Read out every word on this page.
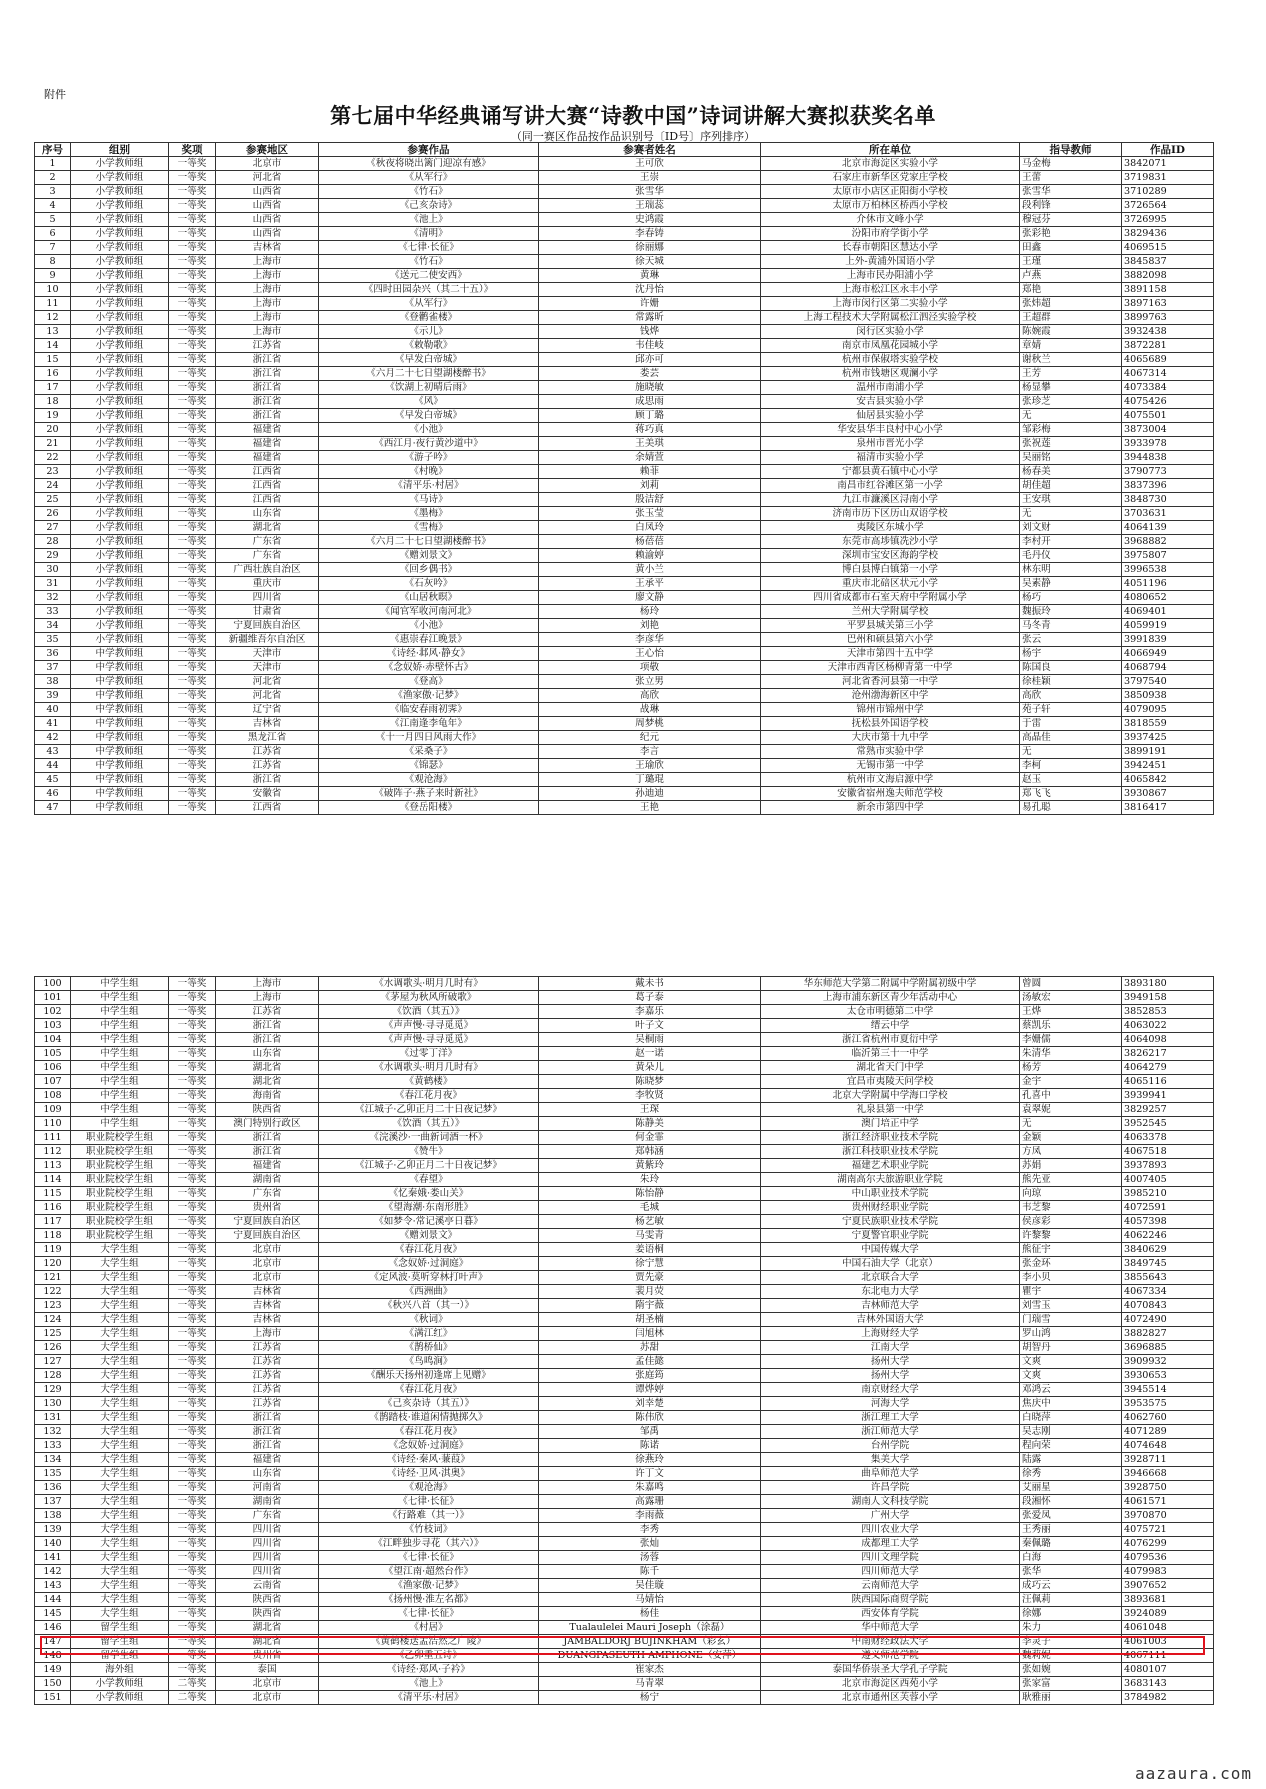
附件
第七届中华经典诵写讲大赛“诗教中国”诗词讲解大赛拟获奖名单
（同一赛区作品按作品识别号〔ID号〕序列排序）
序号	组别	奖项	参赛地区	参赛作品	参赛者姓名	所在单位	指导教师	作品ID
1	小学教师组	一等奖	北京市	《秋夜将晓出篱门迎凉有感》	王可欣	北京市海淀区实验小学	马金梅	3842071
2	小学教师组	一等奖	河北省	《从军行》	王崇	石家庄市新华区党家庄学校	王蕾	3719831
3	小学教师组	一等奖	山西省	《竹石》	张雪华	太原市小店区正阳街小学校	张雪华	3710289
4	小学教师组	一等奖	山西省	《己亥杂诗》	王瑞蕊	太原市万柏林区桥西小学校	段利锋	3726564
5	小学教师组	一等奖	山西省	《池上》	史鸿霞	介休市文峰小学	穆冠芬	3726995
6	小学教师组	一等奖	山西省	《清明》	李春铸	汾阳市府学街小学	张彩艳	3829436
7	小学教师组	一等奖	吉林省	《七律·长征》	徐丽娜	长春市朝阳区慧达小学	田鑫	4069515
8	小学教师组	一等奖	上海市	《竹石》	徐天城	上外-黄浦外国语小学	王瑾	3845837
9	小学教师组	一等奖	上海市	《送元二使安西》	黄琳	上海市民办阳浦小学	卢燕	3882098
10	小学教师组	一等奖	上海市	《四时田园杂兴（其二十五）》	沈丹怡	上海市松江区永丰小学	郑艳	3891158
11	小学教师组	一等奖	上海市	《从军行》	许姗	上海市闵行区第二实验小学	张炜超	3897163
12	小学教师组	一等奖	上海市	《登鹳雀楼》	常露昕	上海工程技术大学附属松江泗泾实验学校	王超群	3899763
13	小学教师组	一等奖	上海市	《示儿》	钱烨	闵行区实验小学	陈婉霞	3932438
14	小学教师组	一等奖	江苏省	《敕勒歌》	韦佳岐	南京市凤凰花园城小学	章婧	3872281
15	小学教师组	一等奖	浙江省	《早发白帝城》	邱亦可	杭州市保俶塔实验学校	谢秋兰	4065689
16	小学教师组	一等奖	浙江省	《六月二十七日望湖楼醉书》	娄芸	杭州市钱塘区观澜小学	王芳	4067314
17	小学教师组	一等奖	浙江省	《饮湖上初晴后雨》	施晓敏	温州市南浦小学	杨显攀	4073384
18	小学教师组	一等奖	浙江省	《风》	成思雨	安吉县实验小学	张珍芝	4075426
19	小学教师组	一等奖	浙江省	《早发白帝城》	顾丁璐	仙居县实验小学	无	4075501
20	小学教师组	一等奖	福建省	《小池》	蒋巧真	华安县华丰良村中心小学	邹彩梅	3873004
21	小学教师组	一等奖	福建省	《西江月·夜行黄沙道中》	王美琪	泉州市晋光小学	张祝莲	3933978
22	小学教师组	一等奖	福建省	《游子吟》	余婧萱	福清市实验小学	吴丽铭	3944838
23	小学教师组	一等奖	江西省	《村晚》	赖菲	宁都县黄石镇中心小学	杨春美	3790773
24	小学教师组	一等奖	江西省	《清平乐·村居》	刘莉	南昌市红谷滩区第一小学	胡佳超	3837396
25	小学教师组	一等奖	江西省	《马诗》	殷洁舒	九江市濂溪区浔南小学	王安琪	3848730
26	小学教师组	一等奖	山东省	《墨梅》	张玉莹	济南市历下区历山双语学校	无	3703631
27	小学教师组	一等奖	湖北省	《雪梅》	白凤玲	夷陵区东城小学	刘文财	4064139
28	小学教师组	一等奖	广东省	《六月二十七日望湖楼醉书》	杨蓓蓓	东莞市高埗镇冼沙小学	李村开	3968882
29	小学教师组	一等奖	广东省	《赠刘景文》	赖渝婷	深圳市宝安区海韵学校	毛丹仪	3975807
30	小学教师组	一等奖	广西壮族自治区	《回乡偶书》	黄小兰	博白县博白镇第一小学	林东明	3996538
31	小学教师组	一等奖	重庆市	《石灰吟》	王承平	重庆市北碚区状元小学	吴素静	4051196
32	小学教师组	一等奖	四川省	《山居秋暝》	廖文静	四川省成都市石室天府中学附属小学	杨巧	4080652
33	小学教师组	一等奖	甘肃省	《闻官军收河南河北》	杨玲	兰州大学附属学校	魏振玲	4069401
34	小学教师组	一等奖	宁夏回族自治区	《小池》	刘艳	平罗县城关第三小学	马冬青	4059919
35	小学教师组	一等奖	新疆维吾尔自治区	《惠崇春江晚景》	李彦华	巴州和硕县第六小学	张云	3991839
36	中学教师组	一等奖	天津市	《诗经·邶风·静女》	王心怡	天津市第四十五中学	杨宇	4066949
37	中学教师组	一等奖	天津市	《念奴娇·赤壁怀古》	项敬	天津市西青区杨柳青第一中学	陈国良	4068794
38	中学教师组	一等奖	河北省	《登高》	张立男	河北省香河县第一中学	徐桂颖	3797540
39	中学教师组	一等奖	河北省	《渔家傲·记梦》	高欣	沧州渤海新区中学	高欣	3850938
40	中学教师组	一等奖	辽宁省	《临安春雨初霁》	战琳	锦州市锦州中学	苑子轩	4079095
41	中学教师组	一等奖	吉林省	《江南逢李龟年》	周梦桃	抚松县外国语学校	于雷	3818559
42	中学教师组	一等奖	黑龙江省	《十一月四日风雨大作》	纪元	大庆市第十九中学	高晶佳	3937425
43	中学教师组	一等奖	江苏省	《采桑子》	李言	常熟市实验中学	无	3899191
44	中学教师组	一等奖	江苏省	《锦瑟》	王瑜欣	无锡市第一中学	李柯	3942451
45	中学教师组	一等奖	浙江省	《观沧海》	丁璐琨	杭州市文海启源中学	赵玉	4065842
46	中学教师组	一等奖	安徽省	《破阵子·燕子来时新社》	孙迪迪	安徽省宿州逸夫师范学校	郑飞飞	3930867
47	中学教师组	一等奖	江西省	《登岳阳楼》	王艳	新余市第四中学	易孔聪	3816417
100	中学生组	一等奖	上海市	《水调歌头·明月几时有》	戴未书	华东师范大学第二附属中学附属初级中学	曾圆	3893180
101	中学生组	一等奖	上海市	《茅屋为秋风所破歌》	葛子泰	上海市浦东新区青少年活动中心	汤敏宏	3949158
102	中学生组	一等奖	江苏省	《饮酒（其五）》	李嘉乐	太仓市明德第二中学	王烨	3852853
103	中学生组	一等奖	浙江省	《声声慢·寻寻觅觅》	叶子文	缙云中学	蔡凯乐	4063022
104	中学生组	一等奖	浙江省	《声声慢·寻寻觅觅》	吴桐雨	浙江省杭州市夏衍中学	李姗儒	4064098
105	中学生组	一等奖	山东省	《过零丁洋》	赵一诺	临沂第三十一中学	朱清华	3826217
106	中学生组	一等奖	湖北省	《水调歌头·明月几时有》	黄朵儿	湖北省天门中学	杨芳	4064279
107	中学生组	一等奖	湖北省	《黄鹤楼》	陈晓梦	宜昌市夷陵天问学校	金宇	4065116
108	中学生组	一等奖	海南省	《春江花月夜》	李牧贤	北京大学附属中学海口学校	孔喜中	3939941
109	中学生组	一等奖	陕西省	《江城子·乙卯正月二十日夜记梦》	王琛	礼泉县第一中学	袁翠妮	3829257
110	中学生组	一等奖	澳门特别行政区	《饮酒（其五）》	陈静美	澳门培正中学	无	3952545
111	职业院校学生组	一等奖	浙江省	《浣溪沙·一曲新词酒一杯》	何金霏	浙江经济职业技术学院	金颖	4063378
112	职业院校学生组	一等奖	浙江省	《赞牛》	郑韩涵	浙江科技职业技术学院	方凤	4067518
113	职业院校学生组	一等奖	福建省	《江城子·乙卯正月二十日夜记梦》	黄紫玲	福建艺术职业学院	苏娟	3937893
114	职业院校学生组	一等奖	湖南省	《春望》	朱玲	湖南高尔夫旅游职业学院	熊先亚	4007405
115	职业院校学生组	一等奖	广东省	《忆秦娥·娄山关》	陈怡静	中山职业技术学院	向琼	3985210
116	职业院校学生组	一等奖	贵州省	《望海潮·东南形胜》	毛城	贵州财经职业学院	韦芝黎	4072591
117	职业院校学生组	一等奖	宁夏回族自治区	《如梦令·常记溪亭日暮》	杨艺敏	宁夏民族职业技术学院	侯彦彩	4057398
118	职业院校学生组	一等奖	宁夏回族自治区	《赠刘景文》	马雯青	宁夏警官职业学院	许黎黎	4062246
119	大学生组	一等奖	北京市	《春江花月夜》	姜语桐	中国传媒大学	熊征宇	3840629
120	大学生组	一等奖	北京市	《念奴娇·过洞庭》	徐宁慧	中国石油大学（北京）	张金环	3849745
121	大学生组	一等奖	北京市	《定风波·莫听穿林打叶声》	贾先豪	北京联合大学	李小贝	3855643
122	大学生组	一等奖	吉林省	《西洲曲》	裴月荧	东北电力大学	瞿宇	4067334
123	大学生组	一等奖	吉林省	《秋兴八首（其一）》	隋宇薇	吉林师范大学	刘雪玉	4070843
124	大学生组	一等奖	吉林省	《秋词》	胡圣楠	吉林外国语大学	门瑞雪	4072490
125	大学生组	一等奖	上海市	《满江红》	闫旭林	上海财经大学	罗山鸿	3882827
126	大学生组	一等奖	江苏省	《鹊桥仙》	苏甜	江南大学	胡智丹	3696885
127	大学生组	一等奖	江苏省	《鸟鸣涧》	孟佳懿	扬州大学	文爽	3909932
128	大学生组	一等奖	江苏省	《酬乐天扬州初逢席上见赠》	张庭筠	扬州大学	文爽	3930653
129	大学生组	一等奖	江苏省	《春江花月夜》	谭烨婷	南京财经大学	邓鸿云	3945514
130	大学生组	一等奖	江苏省	《己亥杂诗（其五）》	刘幸楚	河海大学	焦庆中	3953575
131	大学生组	一等奖	浙江省	《鹊踏枝·谁道闲情抛掷久》	陈伟欣	浙江理工大学	白晓萍	4062760
132	大学生组	一等奖	浙江省	《春江花月夜》	邹禹	浙江师范大学	吴志刚	4071289
133	大学生组	一等奖	浙江省	《念奴娇·过洞庭》	陈诺	台州学院	程向荣	4074648
134	大学生组	一等奖	福建省	《诗经·秦风·蒹葭》	徐燕玲	集美大学	陆露	3928711
135	大学生组	一等奖	山东省	《诗经·卫风·淇奥》	许丁文	曲阜师范大学	徐秀	3946668
136	大学生组	一等奖	河南省	《观沧海》	朱嘉鸣	许昌学院	艾丽星	3928750
137	大学生组	一等奖	湖南省	《七律·长征》	高露珊	湖南人文科技学院	段湘怀	4061571
138	大学生组	一等奖	广东省	《行路难（其一）》	李雨薇	广州大学	张爱凤	3970870
139	大学生组	一等奖	四川省	《竹枝词》	李秀	四川农业大学	王秀丽	4075721
140	大学生组	一等奖	四川省	《江畔独步寻花（其六）》	张灿	成都理工大学	秦佩璐	4076299
141	大学生组	一等奖	四川省	《七律·长征》	汤蓉	四川文理学院	白海	4079536
142	大学生组	一等奖	四川省	《望江南·超然台作》	陈千	四川师范大学	张华	4079983
143	大学生组	一等奖	云南省	《渔家傲·记梦》	吴佳璇	云南师范大学	成巧云	3907652
144	大学生组	一等奖	陕西省	《扬州慢·淮左名都》	马婧怡	陕西国际商贸学院	汪佩莉	3893681
145	大学生组	一等奖	陕西省	《七律·长征》	杨佳	西安体育学院	徐娜	3924089
146	留学生组	一等奖	湖北省	《村居》	Tualaulelei Mauri Joseph（涂磊）	华中师范大学	朱力	4061048
147	留学生组	一等奖	湖北省	《黄鹤楼送孟浩然之广陵》	JAMBALDORJ BUJINKHAM（彩玄）	中南财经政法大学	李灵子	4061003
148	留学生组	一等奖	贵州省	《乙卯重五诗》	DUANGPASEUTH AMPHONE（安萍）	遵义师范学院	魏莉妮	4067111
149	海外组	一等奖	泰国	《诗经·郑风·子衿》	崔家杰	泰国华侨崇圣大学孔子学院	张如婉	4080107
150	小学教师组	二等奖	北京市	《池上》	马青翠	北京市海淀区西苑小学	张家富	3683143
151	小学教师组	二等奖	北京市	《清平乐·村居》	杨宁	北京市通州区芙蓉小学	耿雅丽	3784982
aazaura.com
